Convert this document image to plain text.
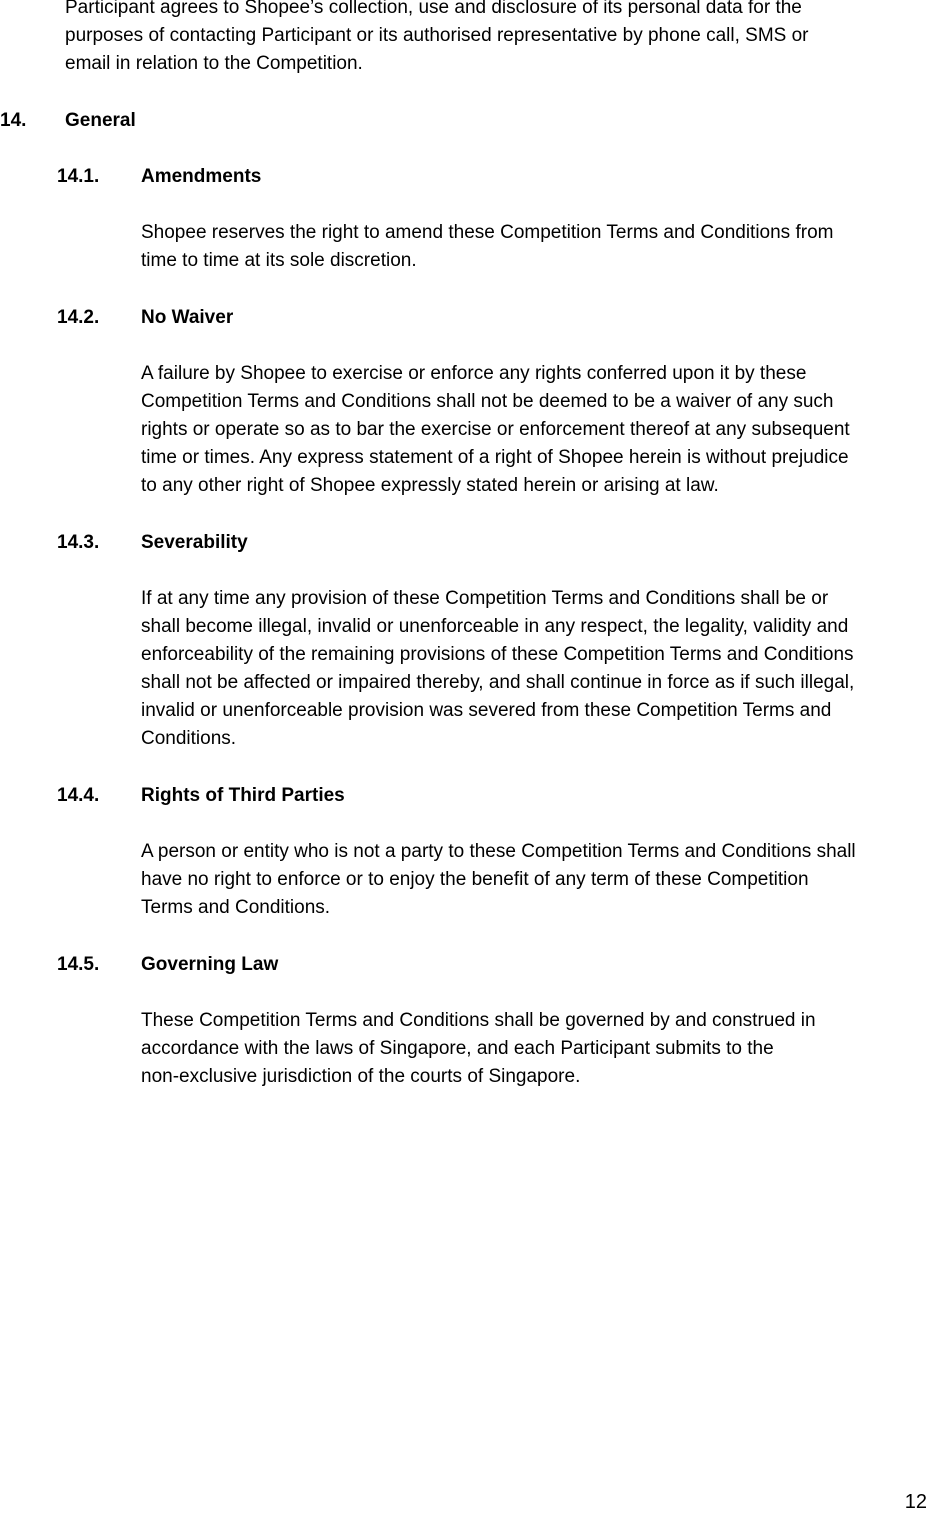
Participant agrees to Shopee’s collection, use and disclosure of its personal data for the
purposes of contacting Participant or its authorised representative by phone call, SMS or
email in relation to the Competition.
14. General
14.1. Amendments
Shopee reserves the right to amend these Competition Terms and Conditions from
time to time at its sole discretion.
14.2. No Waiver
A failure by Shopee to exercise or enforce any rights conferred upon it by these
Competition Terms and Conditions shall not be deemed to be a waiver of any such
rights or operate so as to bar the exercise or enforcement thereof at any subsequent
time or times. Any express statement of a right of Shopee herein is without prejudice
to any other right of Shopee expressly stated herein or arising at law.
14.3. Severability
If at any time any provision of these Competition Terms and Conditions shall be or
shall become illegal, invalid or unenforceable in any respect, the legality, validity and
enforceability of the remaining provisions of these Competition Terms and Conditions
shall not be affected or impaired thereby, and shall continue in force as if such illegal,
invalid or unenforceable provision was severed from these Competition Terms and
Conditions.
14.4. Rights of Third Parties
A person or entity who is not a party to these Competition Terms and Conditions shall
have no right to enforce or to enjoy the benefit of any term of these Competition
Terms and Conditions.
14.5. Governing Law
These Competition Terms and Conditions shall be governed by and construed in
accordance with the laws of Singapore, and each Participant submits to the
non-exclusive jurisdiction of the courts of Singapore.
12
